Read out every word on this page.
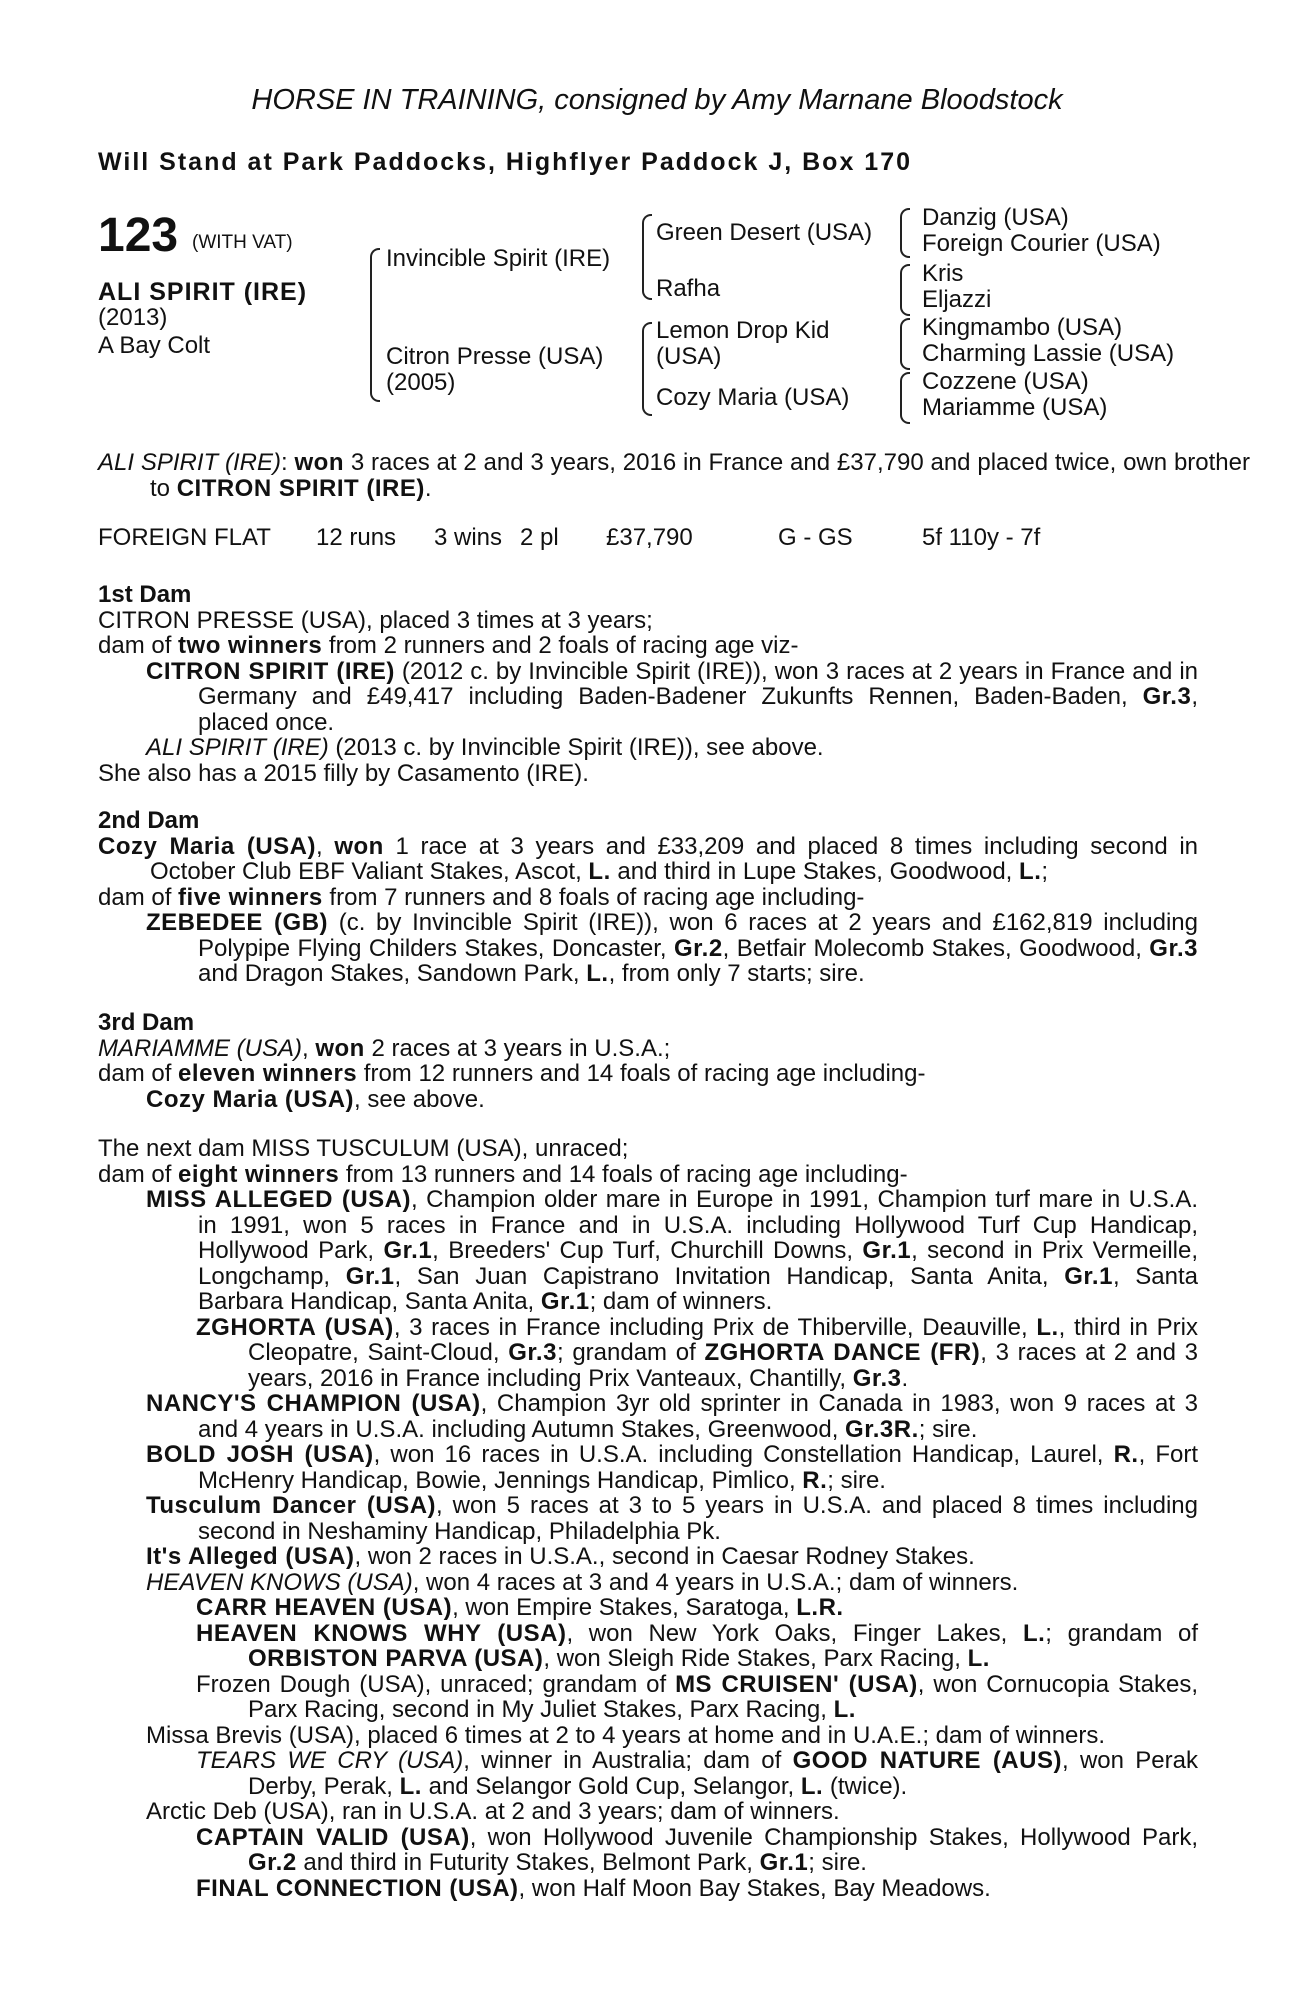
HORSE IN TRAINING, consigned by Amy Marnane Bloodstock
Will Stand at Park Paddocks, Highflyer Paddock J, Box 170
123 (WITH VAT)
ALI SPIRIT (IRE)
(2013)
A Bay Colt
Invincible Spirit (IRE)
Citron Presse (USA)
(2005)
Green Desert (USA)
Rafha
Lemon Drop Kid
(USA)
Cozy Maria (USA)
Danzig (USA)
Foreign Courier (USA)
Kris
Eljazzi
Kingmambo (USA)
Charming Lassie (USA)
Cozzene (USA)
Mariamme (USA)
ALI SPIRIT (IRE): won 3 races at 2 and 3 years, 2016 in France and £37,790 and placed twice, own brother to CITRON SPIRIT (IRE).
FOREIGN FLAT 12 runs 3 wins 2 pl £37,790	G - GS	5f 110y - 7f
1st Dam
CITRON PRESSE (USA), placed 3 times at 3 years;
dam of two winners from 2 runners and 2 foals of racing age viz-
CITRON SPIRIT (IRE) (2012 c. by Invincible Spirit (IRE)), won 3 races at 2 years in France and in Germany and £49,417 including Baden-Badener Zukunfts Rennen, Baden-Baden, Gr.3, placed once.
ALI SPIRIT (IRE) (2013 c. by Invincible Spirit (IRE)), see above.
She also has a 2015 filly by Casamento (IRE).
2nd Dam
Cozy Maria (USA), won 1 race at 3 years and £33,209 and placed 8 times including second in October Club EBF Valiant Stakes, Ascot, L. and third in Lupe Stakes, Goodwood, L.;
dam of five winners from 7 runners and 8 foals of racing age including-
ZEBEDEE (GB) (c. by Invincible Spirit (IRE)), won 6 races at 2 years and £162,819 including Polypipe Flying Childers Stakes, Doncaster, Gr.2, Betfair Molecomb Stakes, Goodwood, Gr.3 and Dragon Stakes, Sandown Park, L., from only 7 starts; sire.
3rd Dam
MARIAMME (USA), won 2 races at 3 years in U.S.A.;
dam of eleven winners from 12 runners and 14 foals of racing age including-
Cozy Maria (USA), see above.
The next dam MISS TUSCULUM (USA), unraced;
dam of eight winners from 13 runners and 14 foals of racing age including-
MISS ALLEGED (USA), Champion older mare in Europe in 1991, Champion turf mare in U.S.A. in 1991, won 5 races in France and in U.S.A. including Hollywood Turf Cup Handicap, Hollywood Park, Gr.1, Breeders' Cup Turf, Churchill Downs, Gr.1, second in Prix Vermeille, Longchamp, Gr.1, San Juan Capistrano Invitation Handicap, Santa Anita, Gr.1, Santa Barbara Handicap, Santa Anita, Gr.1; dam of winners.
ZGHORTA (USA), 3 races in France including Prix de Thiberville, Deauville, L., third in Prix Cleopatre, Saint-Cloud, Gr.3; grandam of ZGHORTA DANCE (FR), 3 races at 2 and 3 years, 2016 in France including Prix Vanteaux, Chantilly, Gr.3.
NANCY'S CHAMPION (USA), Champion 3yr old sprinter in Canada in 1983, won 9 races at 3 and 4 years in U.S.A. including Autumn Stakes, Greenwood, Gr.3R.; sire.
BOLD JOSH (USA), won 16 races in U.S.A. including Constellation Handicap, Laurel, R., Fort McHenry Handicap, Bowie, Jennings Handicap, Pimlico, R.; sire.
Tusculum Dancer (USA), won 5 races at 3 to 5 years in U.S.A. and placed 8 times including second in Neshaminy Handicap, Philadelphia Pk.
It's Alleged (USA), won 2 races in U.S.A., second in Caesar Rodney Stakes.
HEAVEN KNOWS (USA), won 4 races at 3 and 4 years in U.S.A.; dam of winners.
CARR HEAVEN (USA), won Empire Stakes, Saratoga, L.R.
HEAVEN KNOWS WHY (USA), won New York Oaks, Finger Lakes, L.; grandam of ORBISTON PARVA (USA), won Sleigh Ride Stakes, Parx Racing, L.
Frozen Dough (USA), unraced; grandam of MS CRUISEN' (USA), won Cornucopia Stakes, Parx Racing, second in My Juliet Stakes, Parx Racing, L.
Missa Brevis (USA), placed 6 times at 2 to 4 years at home and in U.A.E.; dam of winners.
TEARS WE CRY (USA), winner in Australia; dam of GOOD NATURE (AUS), won Perak Derby, Perak, L. and Selangor Gold Cup, Selangor, L. (twice).
Arctic Deb (USA), ran in U.S.A. at 2 and 3 years; dam of winners.
CAPTAIN VALID (USA), won Hollywood Juvenile Championship Stakes, Hollywood Park, Gr.2 and third in Futurity Stakes, Belmont Park, Gr.1; sire.
FINAL CONNECTION (USA), won Half Moon Bay Stakes, Bay Meadows.
